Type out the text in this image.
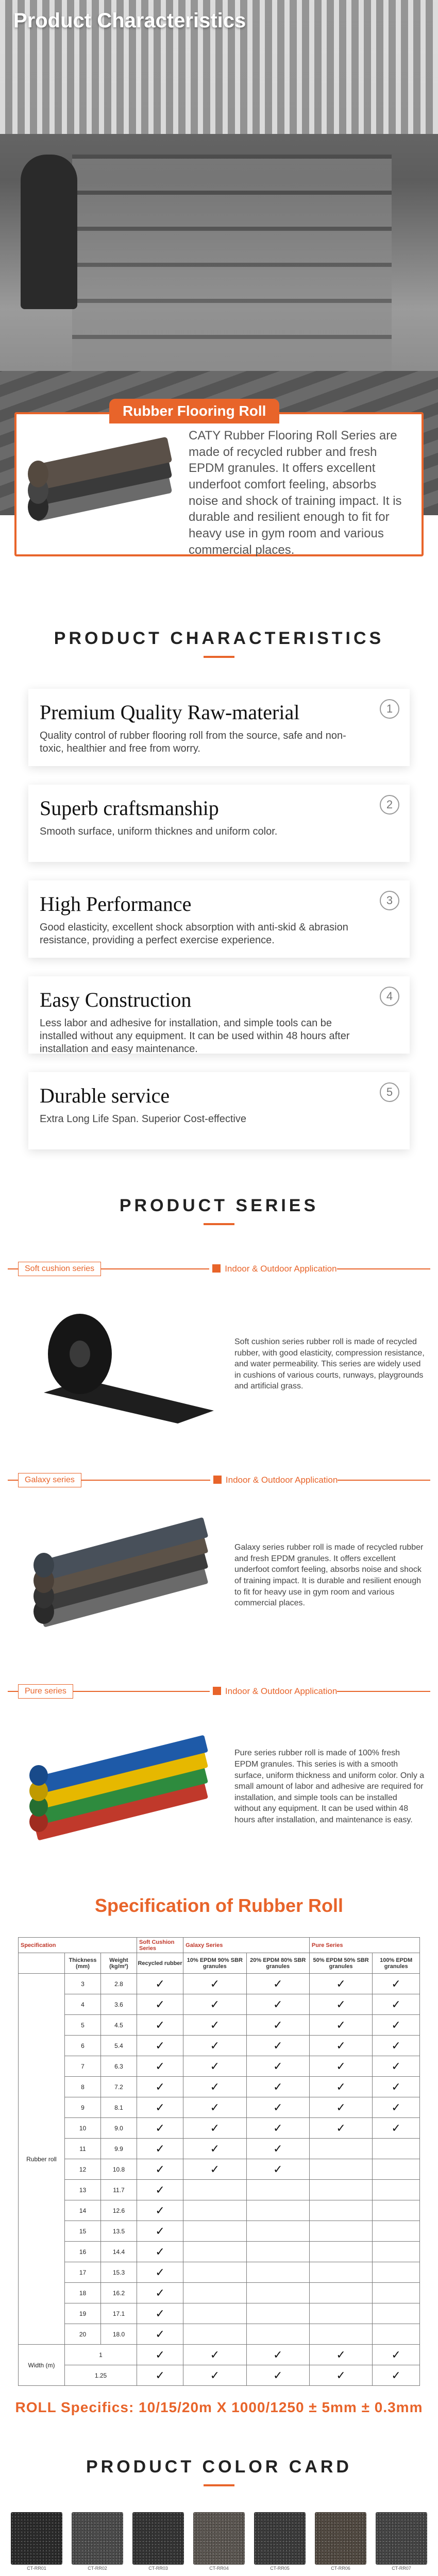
Product Characteristics
Rubber Flooring Roll
CATY Rubber Flooring Roll Series are made of recycled rubber and fresh EPDM granules. It offers excellent underfoot comfort feeling, absorbs noise and shock of training impact. It is durable and resilient enough to fit for heavy use in gym room and various commercial places.
PRODUCT CHARACTERISTICS
Premium Quality Raw-material

Quality control of rubber flooring roll from the source, safe and non-toxic, healthier and free from worry.

1
Superb craftsmanship

Smooth surface, uniform thicknes and uniform color.

2
High Performance

Good elasticity, excellent shock absorption with anti-skid & abrasion resistance, providing a perfect exercise experience.

3
Easy Construction

Less labor and adhesive for installation, and simple tools can be installed without any equipment. It can be used within 48 hours after installation and easy maintenance.

4
Durable service

Extra Long Life Span. Superior Cost-effective

5
PRODUCT SERIES
Soft cushion series	Indoor & Outdoor Application

Soft cushion series rubber roll is made of recycled rubber, with good elasticity, compression resistance, and water permeability. This series are widely used in cushions of various courts, runways, playgrounds and artificial grass.

Galaxy series	Indoor & Outdoor Application

Galaxy series rubber roll is made of recycled rubber and fresh EPDM granules. It offers excellent underfoot comfort feeling, absorbs noise and shock of training impact. It is durable and resilient enough to fit for heavy use in gym room and various commercial places.

Pure series	Indoor & Outdoor Application

Pure series rubber roll is made of 100% fresh EPDM granules. This series is with a smooth surface, uniform thickness and uniform color. Only a small amount of labor and adhesive are required for installation, and simple tools can be installed without any equipment. It can be used within 48 hours after installation, and maintenance is easy.

Specification of Rubber Roll
Specification			Soft Cushion Series	Galaxy Series		Pure Series	
	Thickness (mm)	Weight (kg/m²)	Recycled rubber	10% EPDM 90% SBR granules	20% EPDM 80% SBR granules	50% EPDM 50% SBR granules	100% EPDM granules
Rubber roll	3	2.8	✓	✓	✓	✓	✓
	4	3.6	✓	✓	✓	✓	✓
	5	4.5	✓	✓	✓	✓	✓
	6	5.4	✓	✓	✓	✓	✓
	7	6.3	✓	✓	✓	✓	✓
	8	7.2	✓	✓	✓	✓	✓
	9	8.1	✓	✓	✓	✓	✓
	10	9.0	✓	✓	✓	✓	✓
	11	9.9	✓	✓	✓		
	12	10.8	✓	✓	✓		
	13	11.7	✓				
	14	12.6	✓				
	15	13.5	✓				
	16	14.4	✓				
	17	15.3	✓				
	18	16.2	✓				
	19	17.1	✓				
	20	18.0	✓				
Width (m)	1		✓	✓	✓	✓	✓
	1.25		✓	✓	✓	✓	✓

ROLL Specifics: 10/15/20m X 1000/1250 ± 5mm ± 0.3mm

PRODUCT COLOR CARD
CT-RR01	CT-RR02	CT-RR03	CT-RR04	CT-RR05	CT-RR06	CT-RR07
